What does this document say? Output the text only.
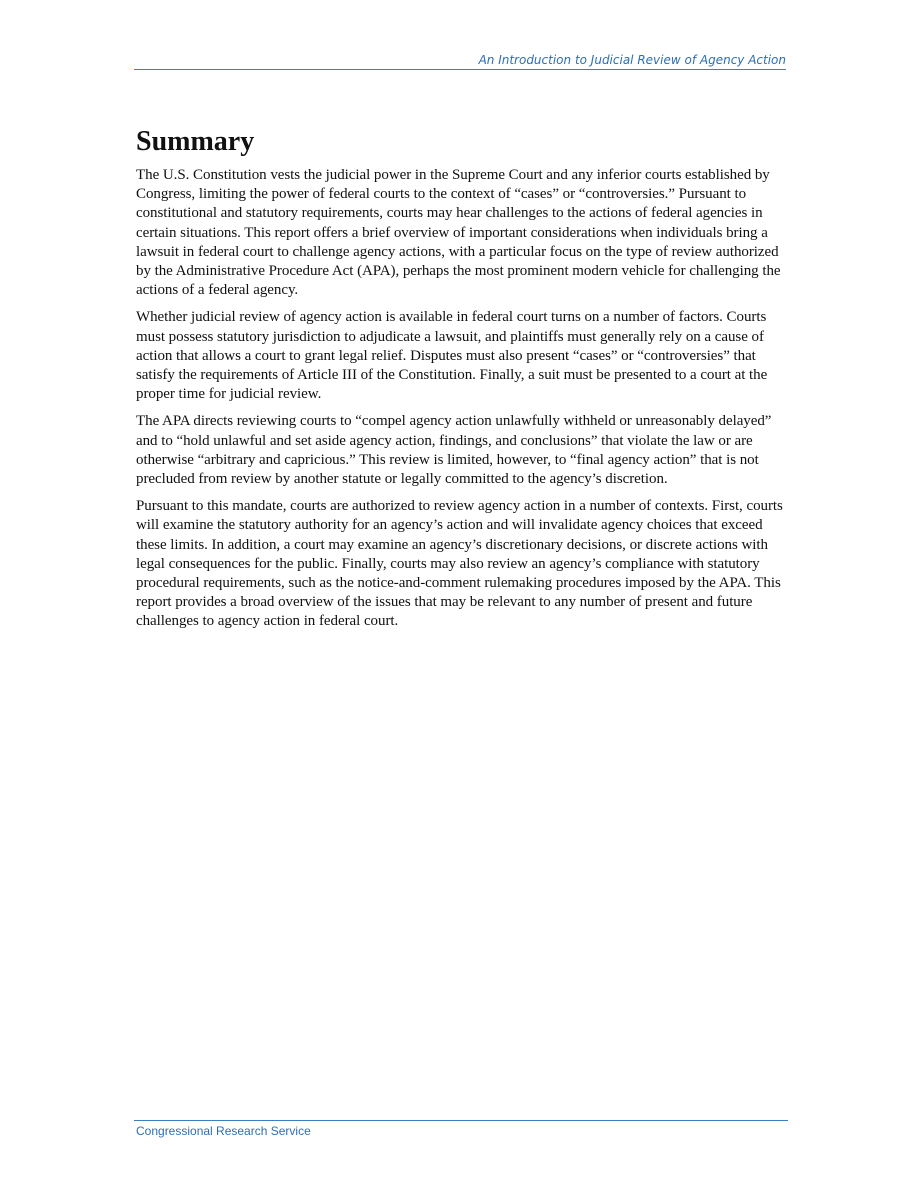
An Introduction to Judicial Review of Agency Action
Summary

The U.S. Constitution vests the judicial power in the Supreme Court and any inferior courts established by Congress, limiting the power of federal courts to the context of “cases” or “controversies.” Pursuant to constitutional and statutory requirements, courts may hear challenges to the actions of federal agencies in certain situations. This report offers a brief overview of important considerations when individuals bring a lawsuit in federal court to challenge agency actions, with a particular focus on the type of review authorized by the Administrative Procedure Act (APA), perhaps the most prominent modern vehicle for challenging the actions of a federal agency.

Whether judicial review of agency action is available in federal court turns on a number of factors. Courts must possess statutory jurisdiction to adjudicate a lawsuit, and plaintiffs must generally rely on a cause of action that allows a court to grant legal relief. Disputes must also present “cases” or “controversies” that satisfy the requirements of Article III of the Constitution. Finally, a suit must be presented to a court at the proper time for judicial review.

The APA directs reviewing courts to “compel agency action unlawfully withheld or unreasonably delayed” and to “hold unlawful and set aside agency action, findings, and conclusions” that violate the law or are otherwise “arbitrary and capricious.” This review is limited, however, to “final agency action” that is not precluded from review by another statute or legally committed to the agency’s discretion.

Pursuant to this mandate, courts are authorized to review agency action in a number of contexts. First, courts will examine the statutory authority for an agency’s action and will invalidate agency choices that exceed these limits. In addition, a court may examine an agency’s discretionary decisions, or discrete actions with legal consequences for the public. Finally, courts may also review an agency’s compliance with statutory procedural requirements, such as the notice-and-comment rulemaking procedures imposed by the APA. This report provides a broad overview of the issues that may be relevant to any number of present and future challenges to agency action in federal court.

Congressional Research Service
